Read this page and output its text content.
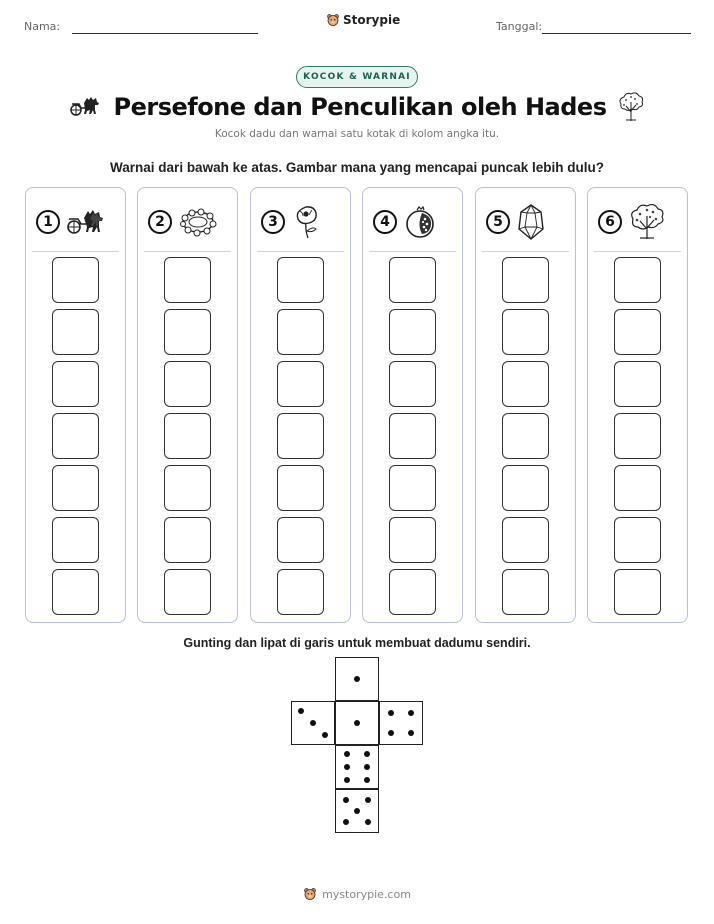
Nama:	Storypie	Tanggal:
KOCOK & WARNAI
Persefone dan Penculikan oleh Hades
Kocok dadu dan warnai satu kotak di kolom angka itu.
Warnai dari bawah ke atas. Gambar mana yang mencapai puncak lebih dulu?
1	2	3	4	5	6
Gunting dan lipat di garis untuk membuat dadumu sendiri.
mystorypie.com
